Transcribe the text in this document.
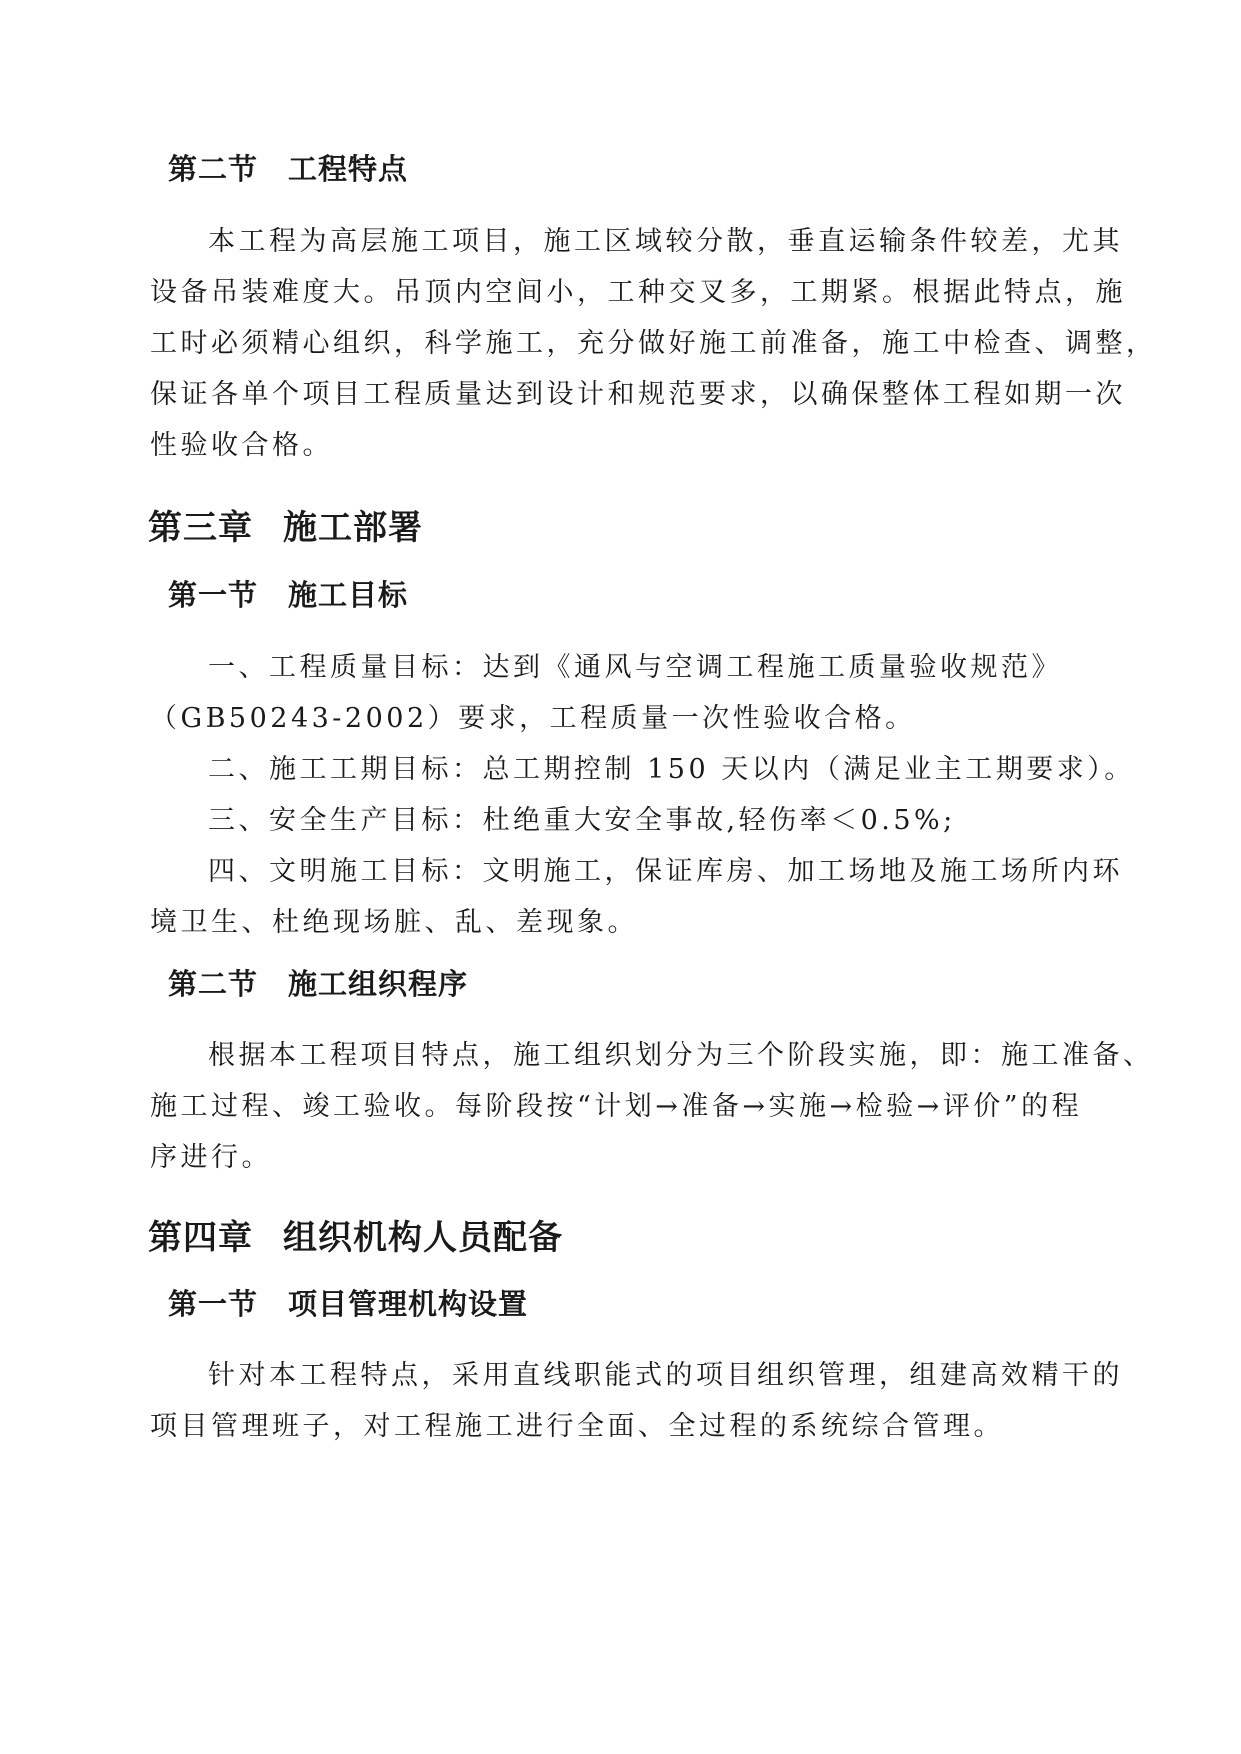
第二节 工程特点
本工程为高层施工项目，施工区域较分散，垂直运输条件较差，尤其
设备吊装难度大。吊顶内空间小，工种交叉多，工期紧。根据此特点，施
工时必须精心组织，科学施工，充分做好施工前准备，施工中检查、调整，
保证各单个项目工程质量达到设计和规范要求，以确保整体工程如期一次
性验收合格。
第三章 施工部署
第一节 施工目标
一、工程质量目标：达到《通风与空调工程施工质量验收规范》
（GB50243-2002）要求，工程质量一次性验收合格。
二、施工工期目标：总工期控制 150 天以内（满足业主工期要求）。
三、安全生产目标：杜绝重大安全事故,轻伤率＜0.5%;
四、文明施工目标：文明施工，保证库房、加工场地及施工场所内环
境卫生、杜绝现场脏、乱、差现象。
第二节 施工组织程序
根据本工程项目特点，施工组织划分为三个阶段实施，即：施工准备、
施工过程、竣工验收。每阶段按“计划→准备→实施→检验→评价”的程
序进行。
第四章 组织机构人员配备
第一节 项目管理机构设置
针对本工程特点，采用直线职能式的项目组织管理，组建高效精干的
项目管理班子，对工程施工进行全面、全过程的系统综合管理。
